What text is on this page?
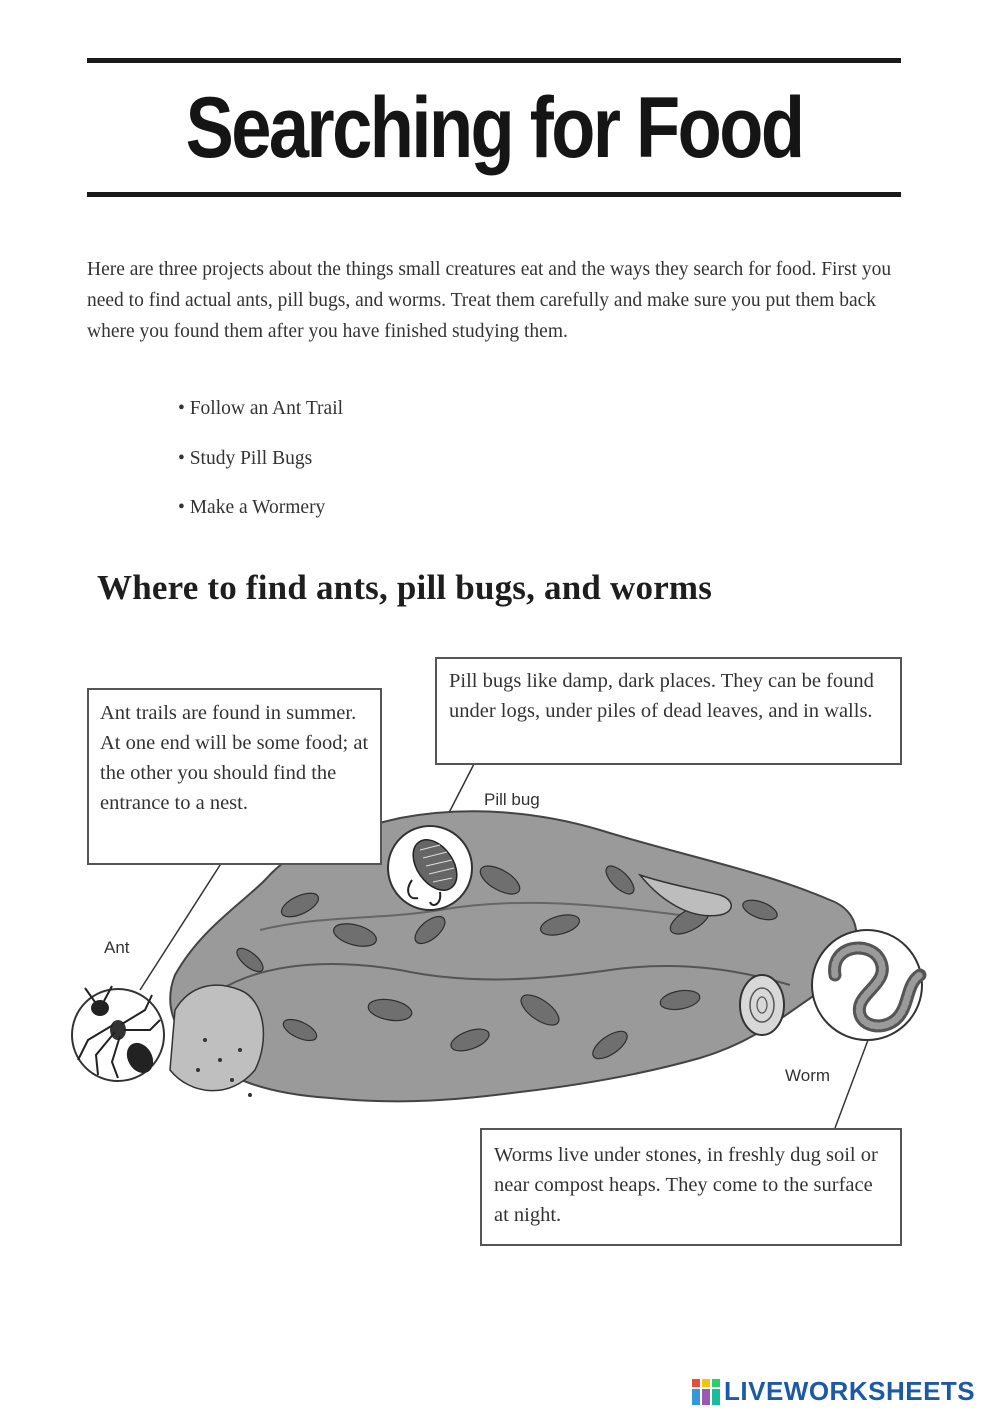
Searching for Food
Here are three projects about the things small creatures eat and the ways they search for food. First you need to find actual ants, pill bugs, and worms. Treat them carefully and make sure you put them back where you found them after you have finished studying them.
• Follow an Ant Trail
• Study Pill Bugs
• Make a Wormery
Where to find ants, pill bugs, and worms
Ant trails are found in summer. At one end will be some food; at the other you should find the entrance to a nest.
Pill bugs like damp, dark places. They can be found under logs, under piles of dead leaves, and in walls.
Worms live under stones, in freshly dug soil or near compost heaps. They come to the surface at night.
Ant
Pill bug
Worm
LIVEWORKSHEETS
